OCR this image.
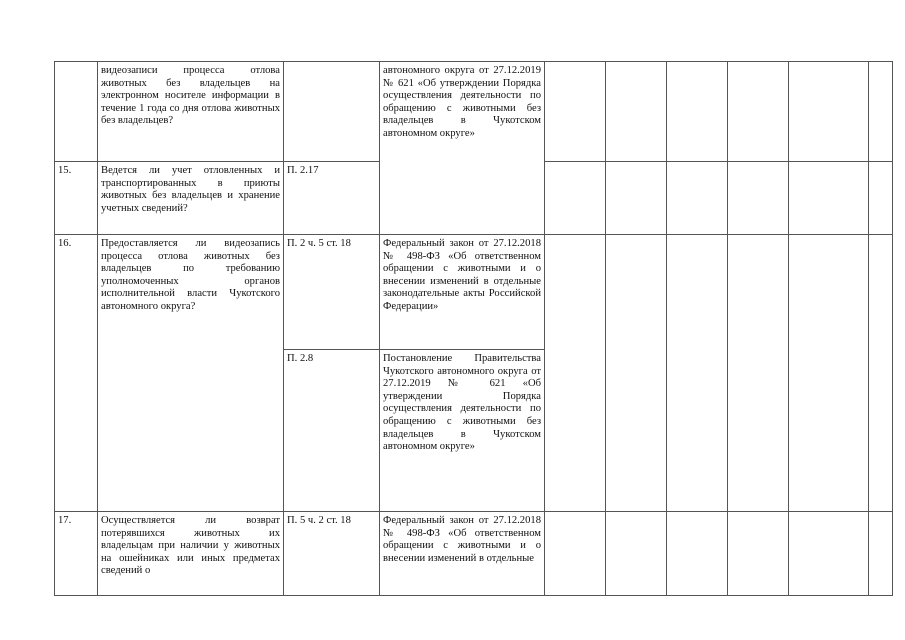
	видеозаписи процесса отлова животных без владельцев на электронном носителе информации в течение 1 года со дня отлова животных без владельцев?		автономного округа от 27.12.2019 № 621 «Об утверждении Порядка осуществления деятельности по обращению с животными без владельцев в Чукотском автономном округе»						
15.	Ведется ли учет отловленных и транспортированных в приюты животных без владельцев и хранение учетных сведений?	П. 2.17							
16.	Предоставляется ли видеозапись процесса отлова животных без владельцев по требованию уполномоченных органов исполнительной власти Чукотского автономного округа?	П. 2 ч. 5 ст. 18	Федеральный закон от 27.12.2018 № 498-ФЗ «Об ответственном обращении с животными и о внесении изменений в отдельные законодательные акты Российской Федерации»						
		П. 2.8	Постановление Правительства Чукотского автономного округа от 27.12.2019 № 621 «Об утверждении Порядка осуществления деятельности по обращению с животными без владельцев в Чукотском автономном округе»						
17.	Осуществляется ли возврат потерявшихся животных их владельцам при наличии у животных на ошейниках или иных предметах сведений о	П. 5 ч. 2 ст. 18	Федеральный закон от 27.12.2018 № 498-ФЗ «Об ответственном обращении с животными и о внесении изменений в отдельные						
